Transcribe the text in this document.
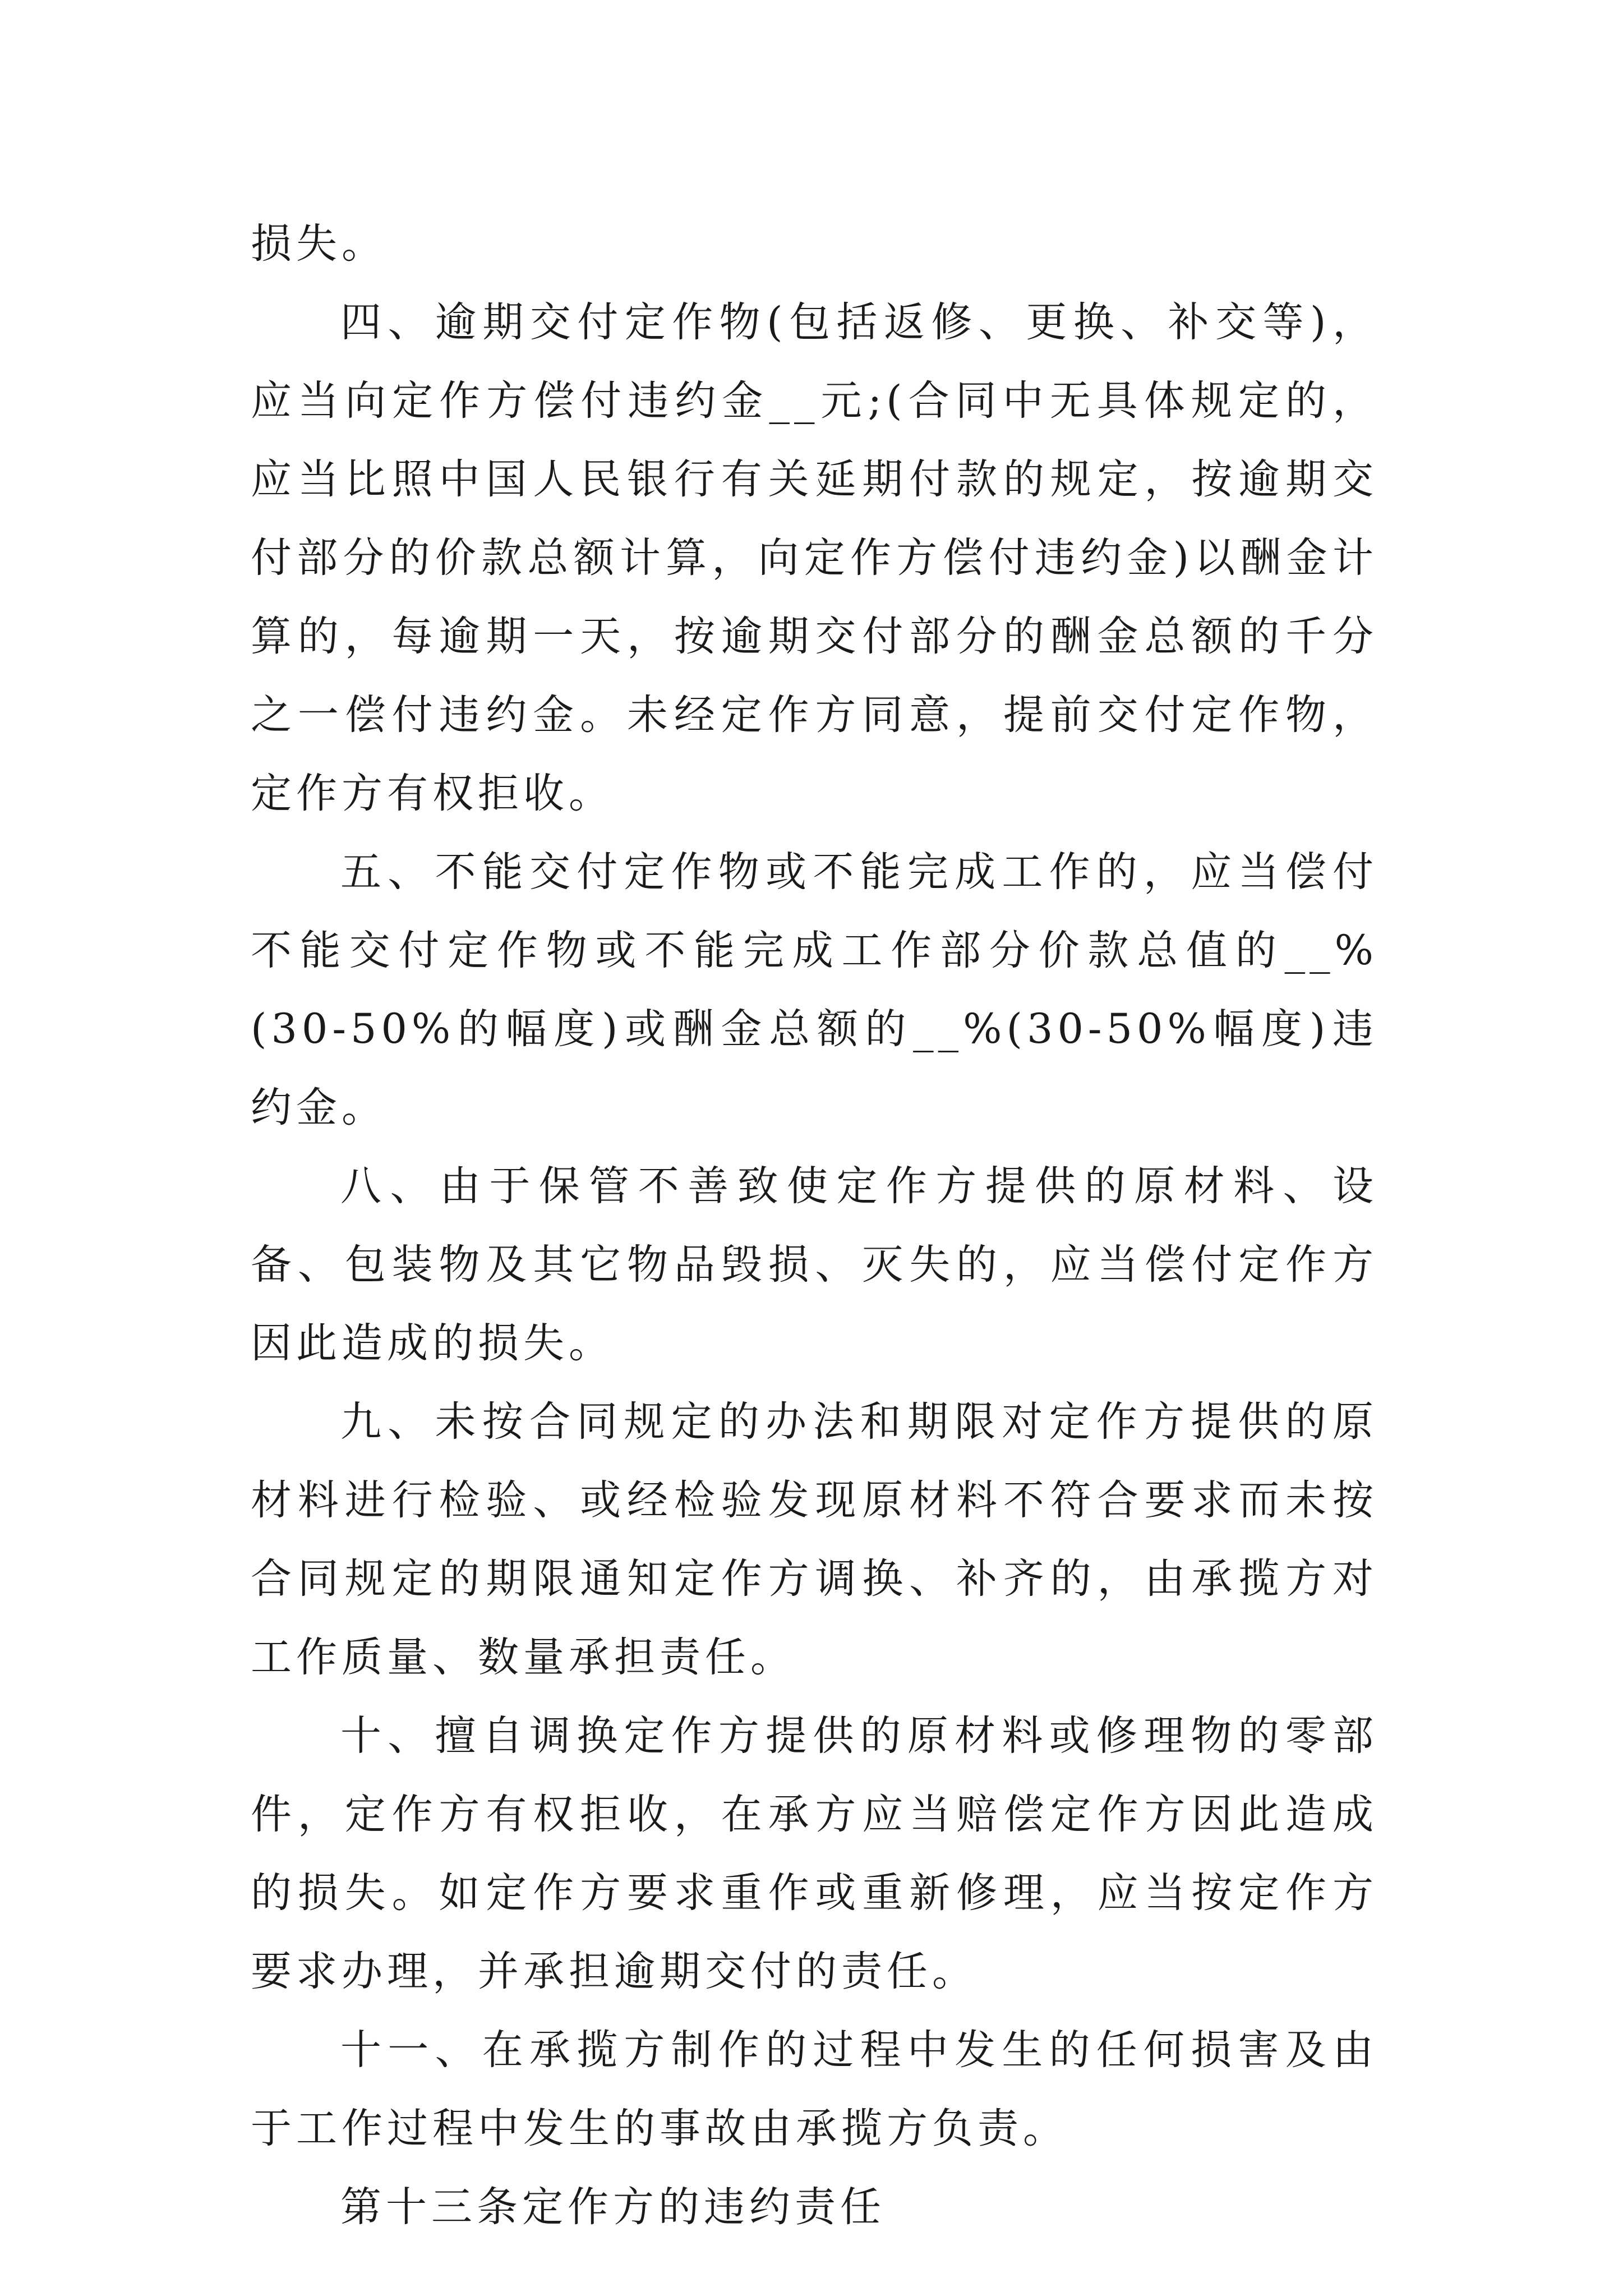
损失。

四、逾期交付定作物(包括返修、更换、补交等)，应当向定作方偿付违约金__元;(合同中无具体规定的，应当比照中国人民银行有关延期付款的规定，按逾期交付部分的价款总额计算，向定作方偿付违约金)以酬金计算的，每逾期一天，按逾期交付部分的酬金总额的千分之一偿付违约金。未经定作方同意，提前交付定作物，定作方有权拒收。

五、不能交付定作物或不能完成工作的，应当偿付不能交付定作物或不能完成工作部分价款总值的__%(30-50%的幅度)或酬金总额的__%(30-50%幅度)违约金。

八、由于保管不善致使定作方提供的原材料、设备、包装物及其它物品毁损、灭失的，应当偿付定作方因此造成的损失。

九、未按合同规定的办法和期限对定作方提供的原材料进行检验、或经检验发现原材料不符合要求而未按合同规定的期限通知定作方调换、补齐的，由承揽方对工作质量、数量承担责任。

十、擅自调换定作方提供的原材料或修理物的零部件，定作方有权拒收，在承方应当赔偿定作方因此造成的损失。如定作方要求重作或重新修理，应当按定作方要求办理，并承担逾期交付的责任。

十一、在承揽方制作的过程中发生的任何损害及由于工作过程中发生的事故由承揽方负责。

第十三条定作方的违约责任
